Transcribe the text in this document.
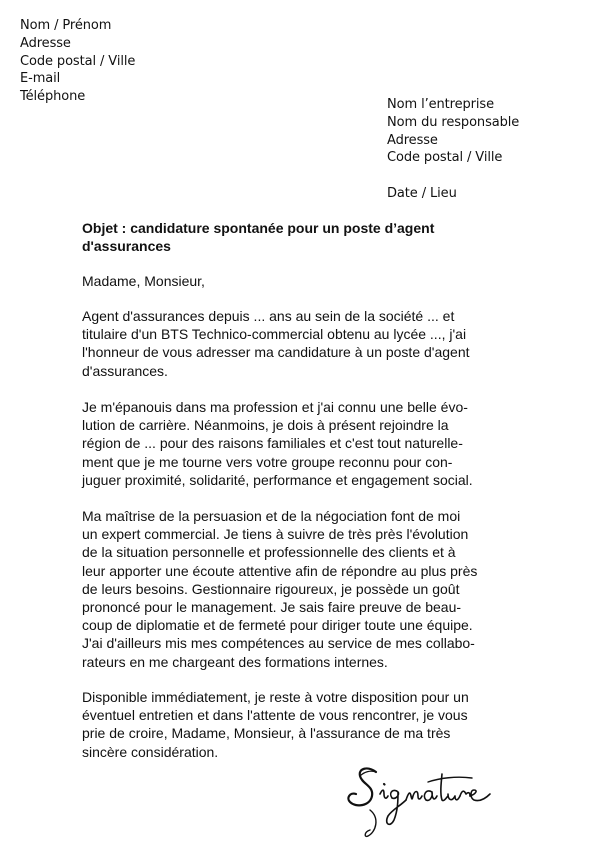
Nom / Prénom
Adresse
Code postal / Ville
E-mail
Téléphone
Nom l’entreprise
Nom du responsable
Adresse
Code postal / Ville
Date / Lieu
Objet : candidature spontanée pour un poste d’agent
d'assurances
Madame, Monsieur,
Agent d'assurances depuis ... ans au sein de la société ... et
titulaire d'un BTS Technico-commercial obtenu au lycée ..., j'ai
l'honneur de vous adresser ma candidature à un poste d'agent
d'assurances.
Je m'épanouis dans ma profession et j'ai connu une belle évo-
lution de carrière. Néanmoins, je dois à présent rejoindre la
région de ... pour des raisons familiales et c'est tout naturelle-
ment que je me tourne vers votre groupe reconnu pour con-
juguer proximité, solidarité, performance et engagement social.
Ma maîtrise de la persuasion et de la négociation font de moi
un expert commercial. Je tiens à suivre de très près l'évolution
de la situation personnelle et professionnelle des clients et à
leur apporter une écoute attentive afin de répondre au plus près
de leurs besoins. Gestionnaire rigoureux, je possède un goût
prononcé pour le management. Je sais faire preuve de beau-
coup de diplomatie et de fermeté pour diriger toute une équipe.
J'ai d'ailleurs mis mes compétences au service de mes collabo-
rateurs en me chargeant des formations internes.
Disponible immédiatement, je reste à votre disposition pour un
éventuel entretien et dans l'attente de vous rencontrer, je vous
prie de croire, Madame, Monsieur, à l'assurance de ma très
sincère considération.
